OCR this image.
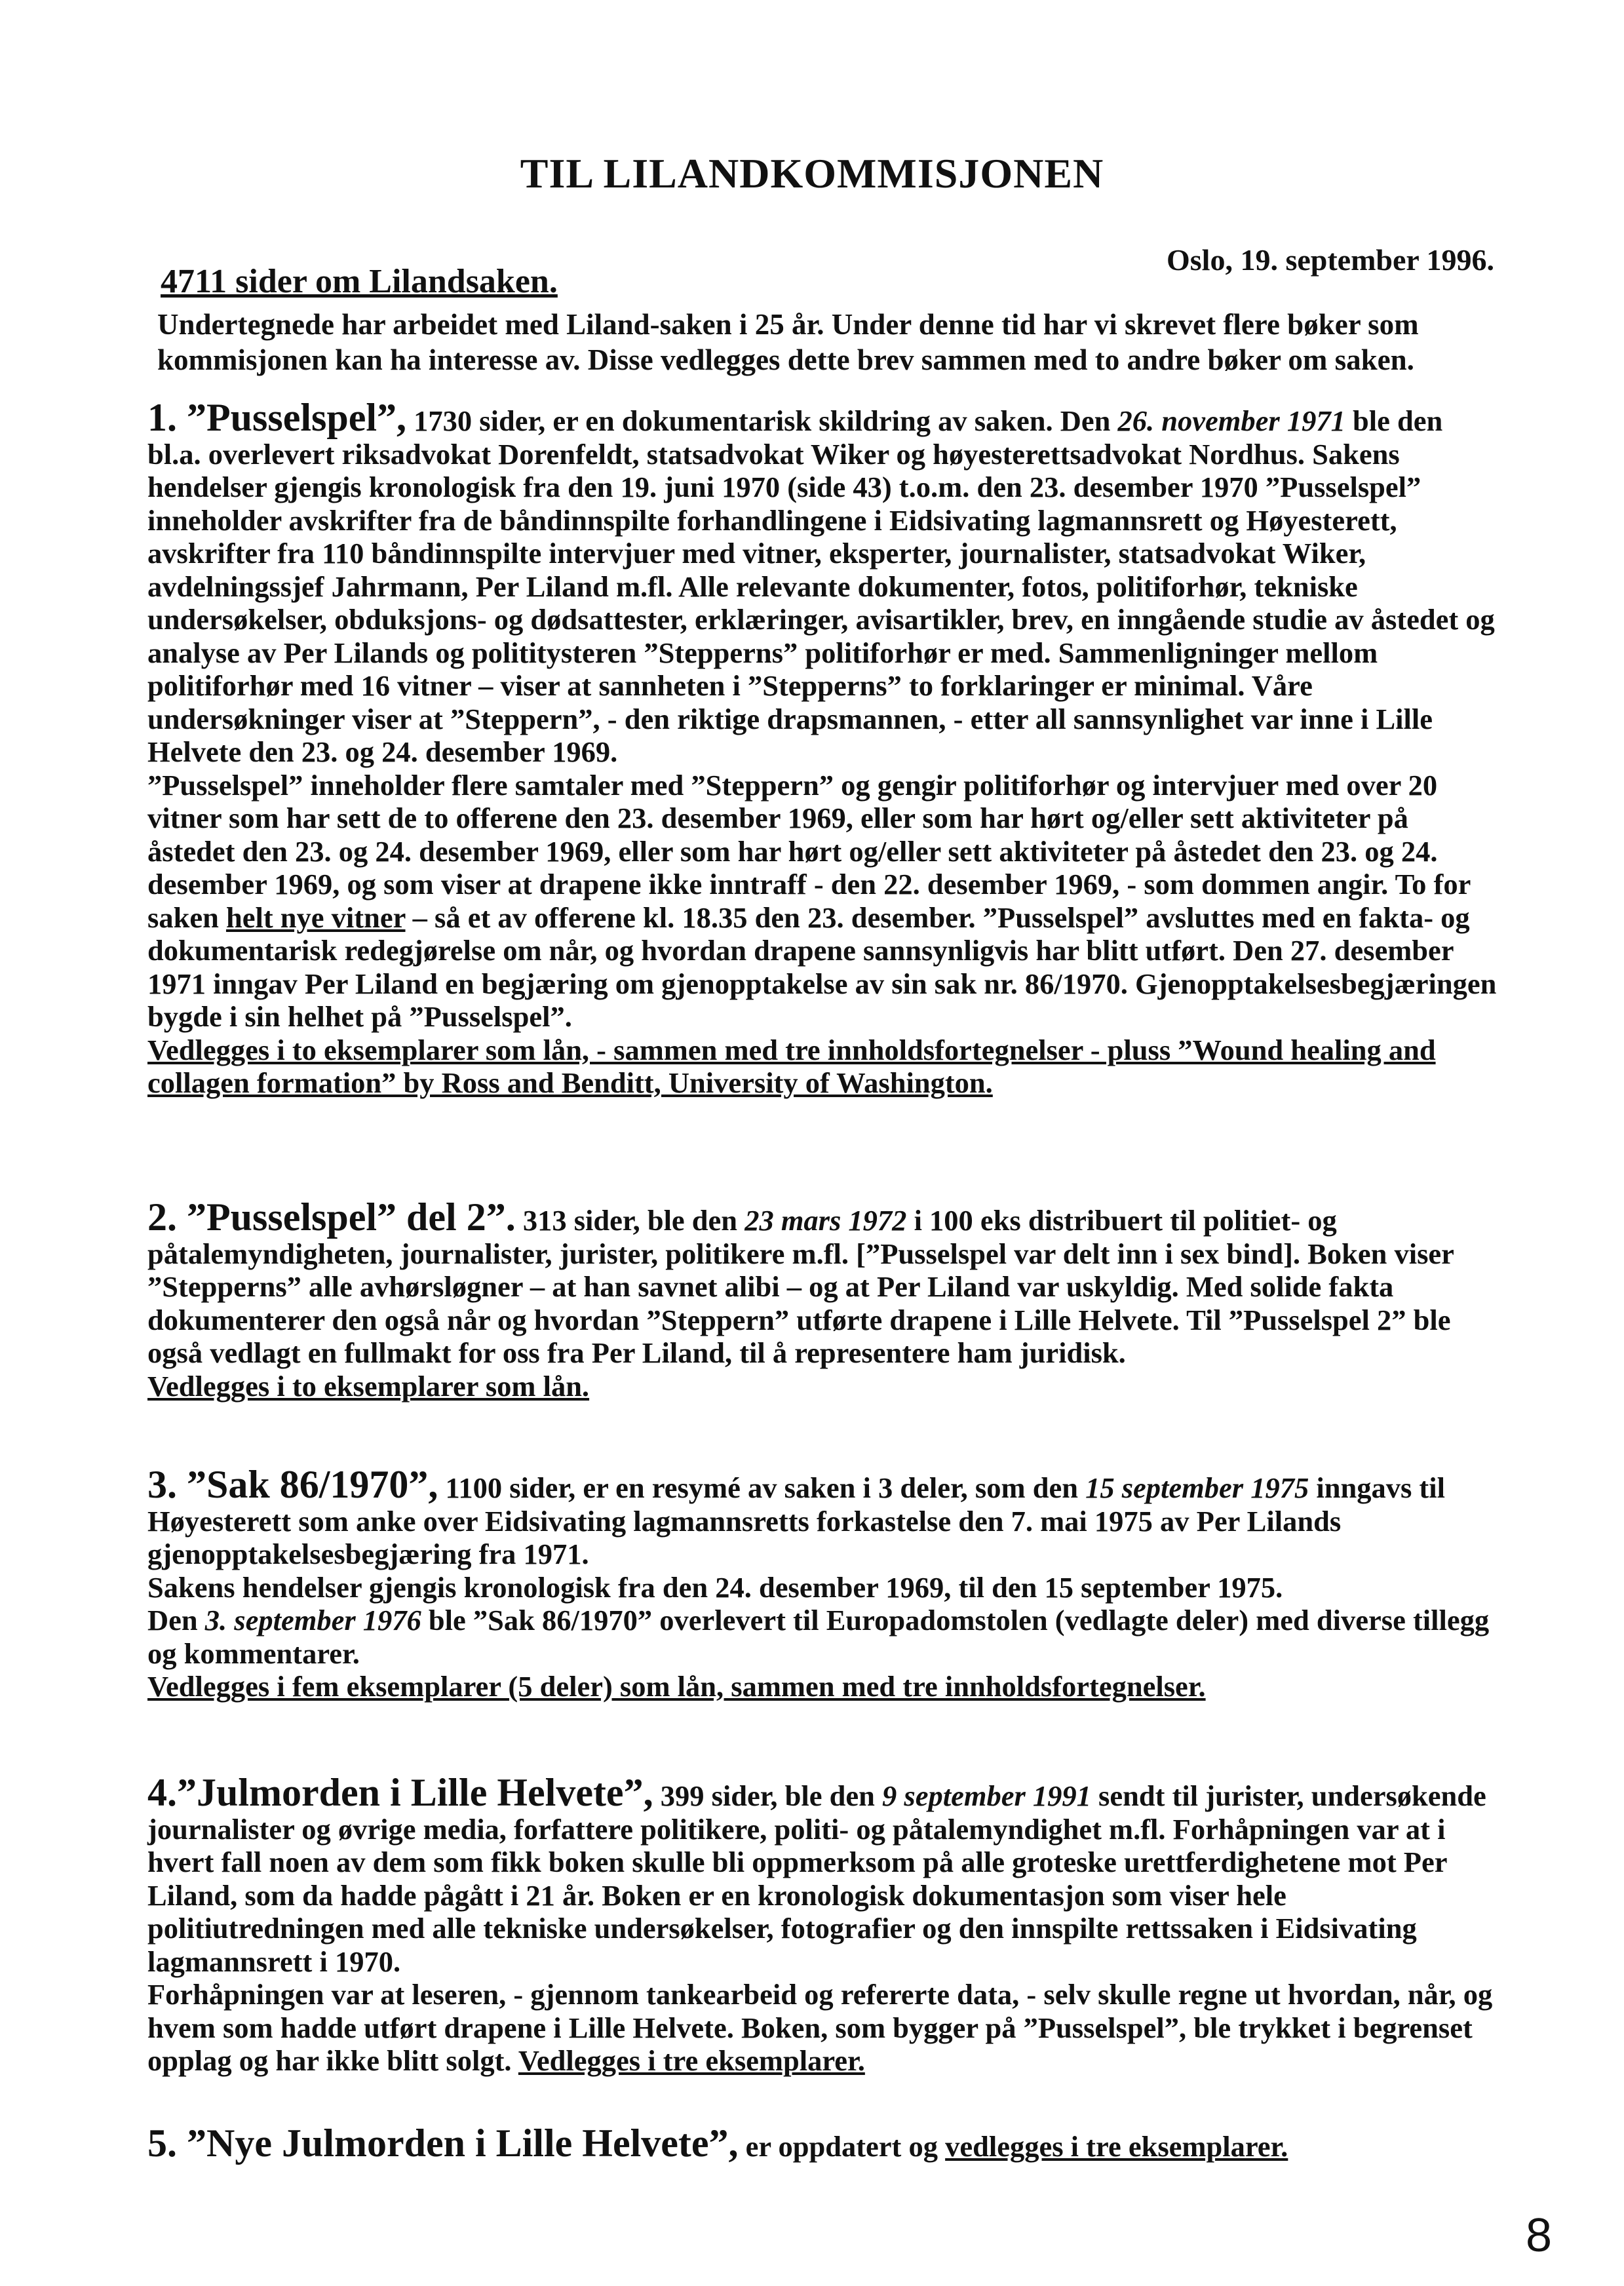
TIL LILANDKOMMISJONEN
Oslo, 19. september 1996.
4711 sider om Lilandsaken.
Undertegnede har arbeidet med Liland-saken i 25 år. Under denne tid har vi skrevet flere bøker som kommisjonen kan ha interesse av. Disse vedlegges dette brev sammen med to andre bøker om saken.

1. ”Pusselspel”, 1730 sider, er en dokumentarisk skildring av saken. Den 26. november 1971 ble den bl.a. overlevert riksadvokat Dorenfeldt, statsadvokat Wiker og høyesterettsadvokat Nordhus. Sakens hendelser gjengis kronologisk fra den 19. juni 1970 (side 43) t.o.m. den 23. desember 1970 ”Pusselspel” inneholder avskrifter fra de båndinnspilte forhandlingene i Eidsivating lagmannsrett og Høyesterett, avskrifter fra 110 båndinnspilte intervjuer med vitner, eksperter, journalister, statsadvokat Wiker, avdelningssjef Jahrmann, Per Liland m.fl. Alle relevante dokumenter, fotos, politiforhør, tekniske undersøkelser, obduksjons- og dødsattester, erklæringer, avisartikler, brev, en inngående studie av åstedet og analyse av Per Lilands og polititysteren ”Stepperns” politiforhør er med. Sammenligninger mellom politiforhør med 16 vitner – viser at sannheten i ”Stepperns” to forklaringer er minimal. Våre undersøkninger viser at ”Steppern”, - den riktige drapsmannen, - etter all sannsynlighet var inne i Lille Helvete den 23. og 24. desember 1969.

”Pusselspel” inneholder flere samtaler med ”Steppern” og gengir politiforhør og intervjuer med over 20 vitner som har sett de to offerene den 23. desember 1969, eller som har hørt og/eller sett aktiviteter på åstedet den 23. og 24. desember 1969, eller som har hørt og/eller sett aktiviteter på åstedet den 23. og 24. desember 1969, og som viser at drapene ikke inntraff - den 22. desember 1969, - som dommen angir. To for saken helt nye vitner – så et av offerene kl. 18.35 den 23. desember. ”Pusselspel” avsluttes med en fakta- og dokumentarisk redegjørelse om når, og hvordan drapene sannsynligvis har blitt utført. Den 27. desember 1971 inngav Per Liland en begjæring om gjenopptakelse av sin sak nr. 86/1970. Gjenopptakelsesbegjæringen bygde i sin helhet på ”Pusselspel”.

Vedlegges i to eksemplarer som lån, - sammen med tre innholdsfortegnelser - pluss ”Wound healing and collagen formation” by Ross and Benditt, University of Washington.

2. ”Pusselspel” del 2”. 313 sider, ble den 23 mars 1972 i 100 eks distribuert til politiet- og påtalemyndigheten, journalister, jurister, politikere m.fl. [”Pusselspel var delt inn i sex bind]. Boken viser ”Stepperns” alle avhørsløgner – at han savnet alibi – og at Per Liland var uskyldig. Med solide fakta dokumenterer den også når og hvordan ”Steppern” utførte drapene i Lille Helvete. Til ”Pusselspel 2” ble også vedlagt en fullmakt for oss fra Per Liland, til å representere ham juridisk.

Vedlegges i to eksemplarer som lån.

3. ”Sak 86/1970”, 1100 sider, er en resymé av saken i 3 deler, som den 15 september 1975 inngavs til Høyesterett som anke over Eidsivating lagmannsretts forkastelse den 7. mai 1975 av Per Lilands gjenopptakelsesbegjæring fra 1971.

Sakens hendelser gjengis kronologisk fra den 24. desember 1969, til den 15 september 1975.

Den 3. september 1976 ble ”Sak 86/1970” overlevert til Europadomstolen (vedlagte deler) med diverse tillegg og kommentarer.

Vedlegges i fem eksemplarer (5 deler) som lån, sammen med tre innholdsfortegnelser.

4.”Julmorden i Lille Helvete”, 399 sider, ble den 9 september 1991 sendt til jurister, undersøkende journalister og øvrige media, forfattere politikere, politi- og påtalemyndighet m.fl. Forhåpningen var at i hvert fall noen av dem som fikk boken skulle bli oppmerksom på alle groteske urettferdighetene mot Per Liland, som da hadde pågått i 21 år. Boken er en kronologisk dokumentasjon som viser hele politiutredningen med alle tekniske undersøkelser, fotografier og den innspilte rettssaken i Eidsivating lagmannsrett i 1970.

Forhåpningen var at leseren, - gjennom tankearbeid og refererte data, - selv skulle regne ut hvordan, når, og hvem som hadde utført drapene i Lille Helvete. Boken, som bygger på ”Pusselspel”, ble trykket i begrenset opplag og har ikke blitt solgt. Vedlegges i tre eksemplarer.

5. ”Nye Julmorden i Lille Helvete”, er oppdatert og vedlegges i tre eksemplarer.

8
